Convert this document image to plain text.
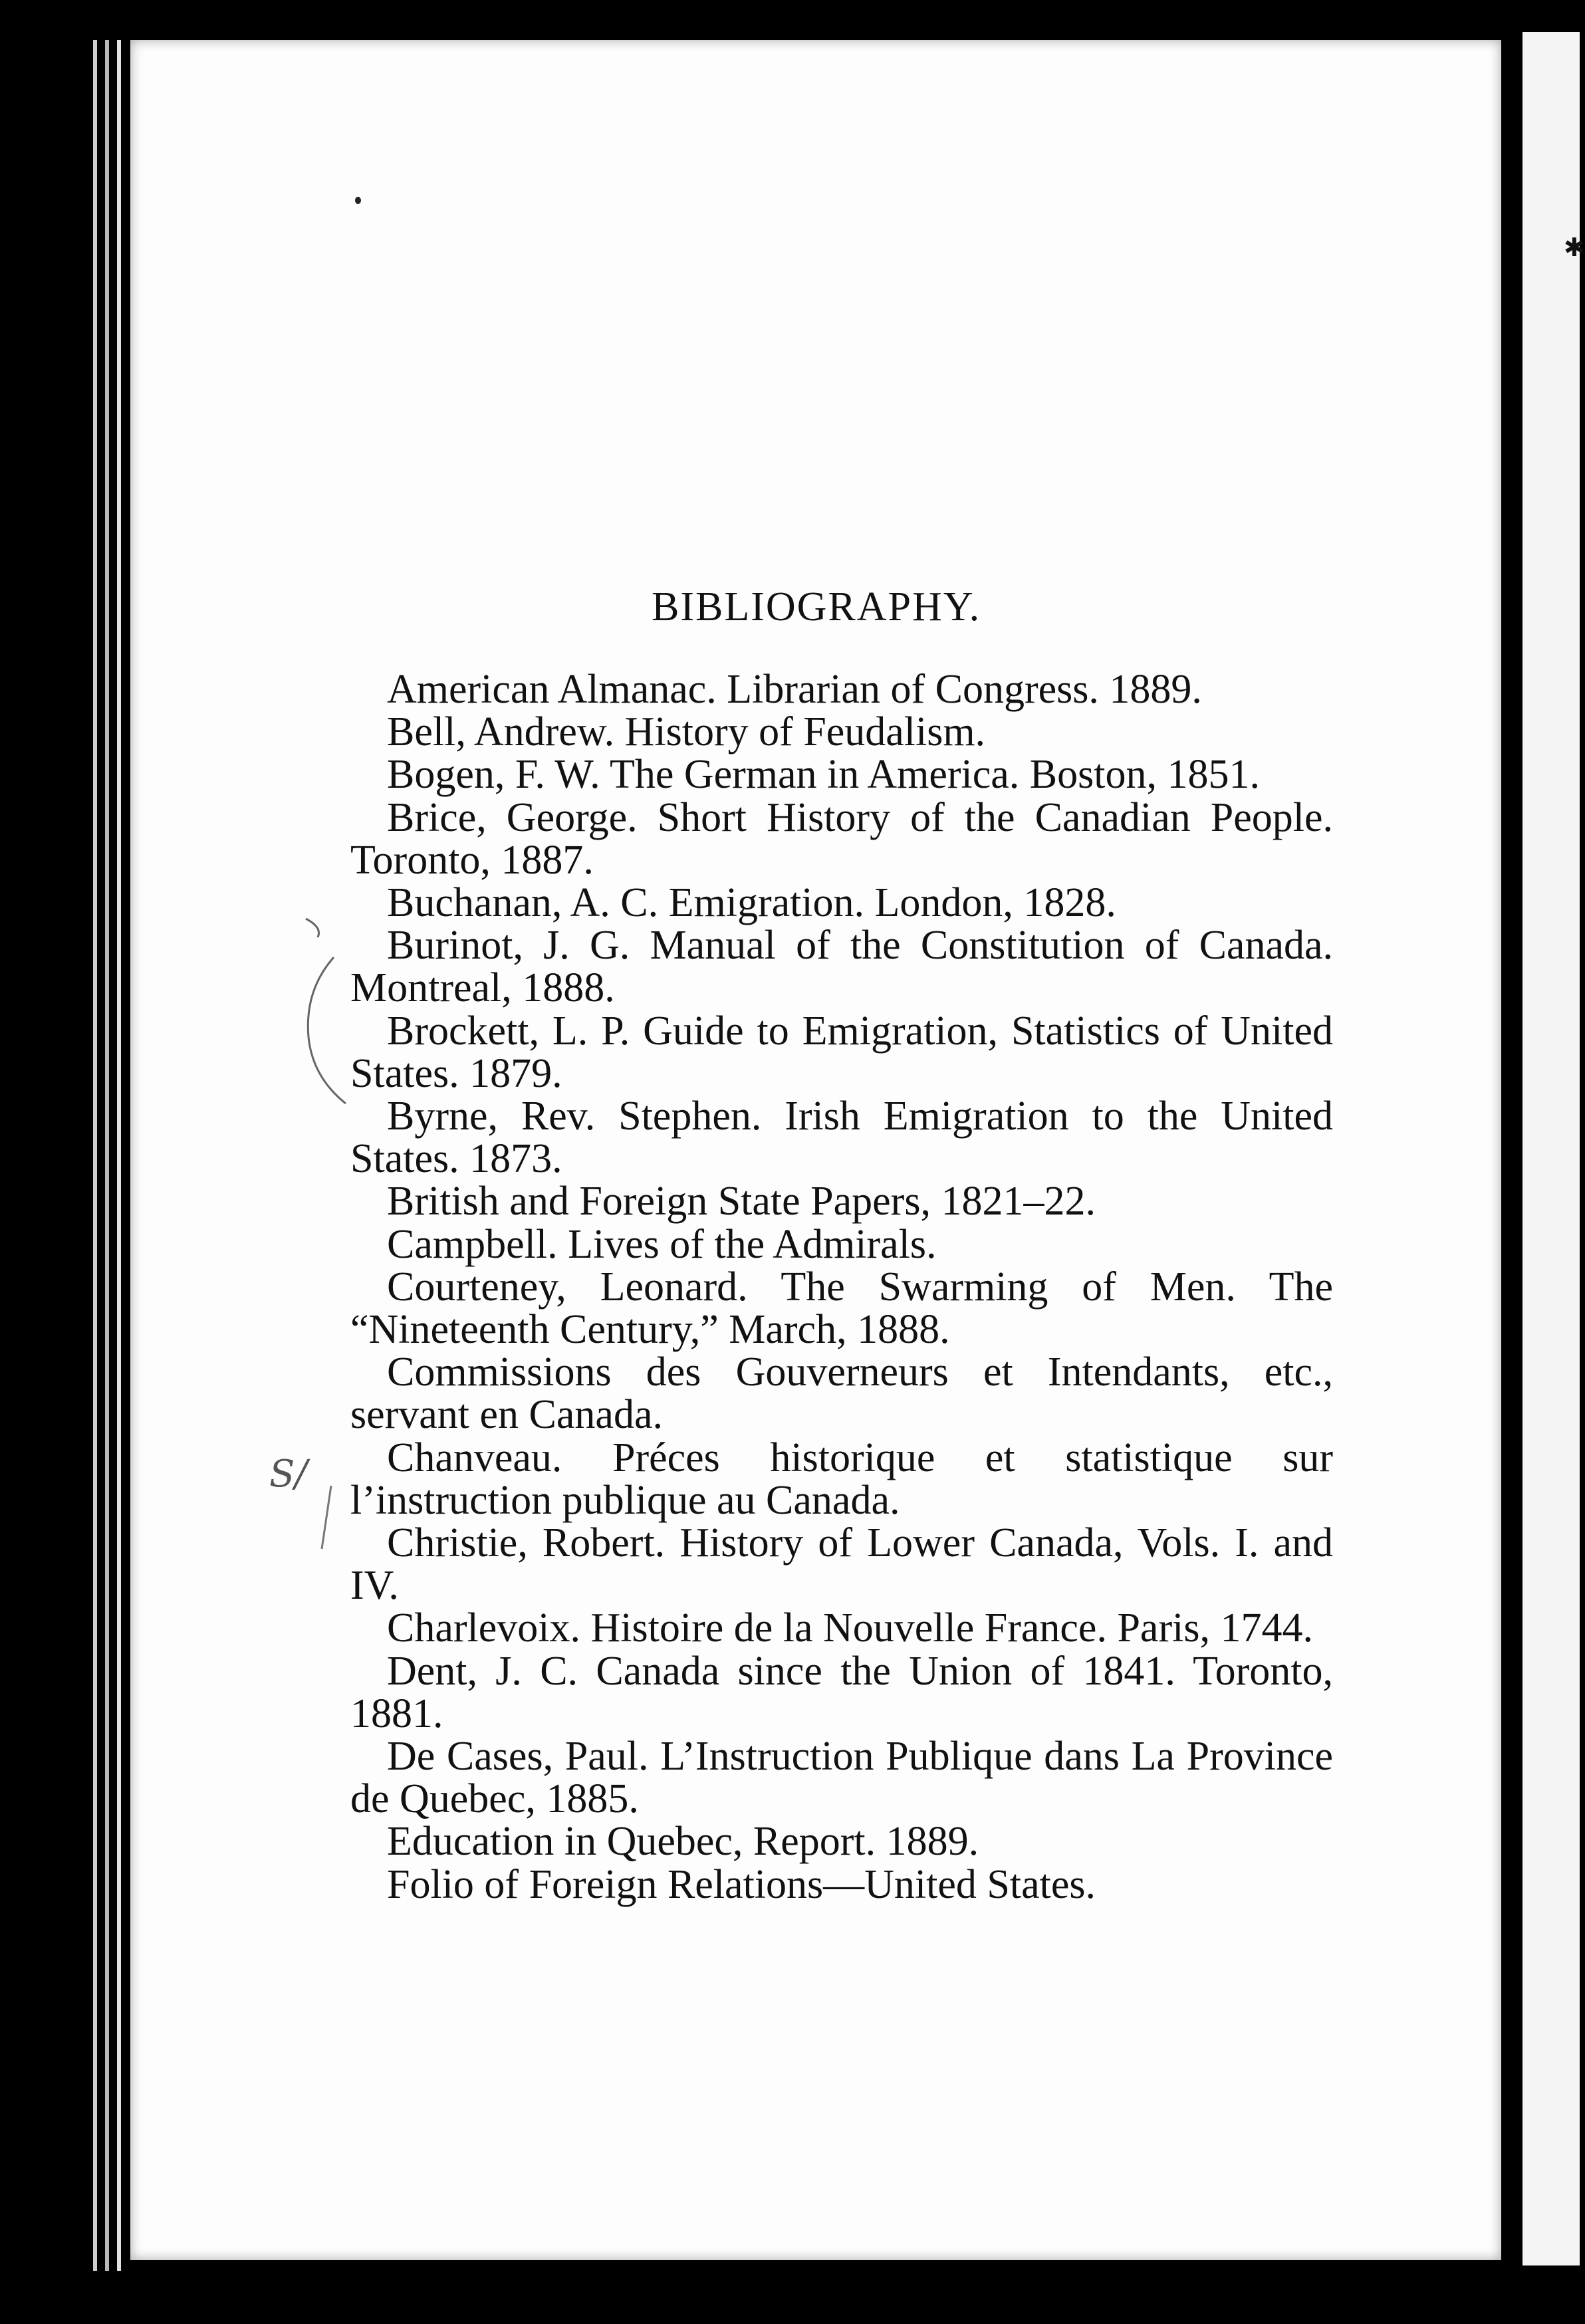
✱
BIBLIOGRAPHY.
American Almanac. Librarian of Congress. 1889.
Bell, Andrew. History of Feudalism.
Bogen, F. W. The German in America. Boston, 1851.
Brice, George. Short History of the Canadian People. Toronto, 1887.
Buchanan, A. C. Emigration. London, 1828.
Burinot, J. G. Manual of the Constitution of Canada. Montreal, 1888.
Brockett, L. P. Guide to Emigration, Statistics of United States. 1879.
Byrne, Rev. Stephen. Irish Emigration to the United States. 1873.
British and Foreign State Papers, 1821–22.
Campbell. Lives of the Admirals.
Courteney, Leonard. The Swarming of Men. The “Nineteenth Century,” March, 1888.
Commissions des Gouverneurs et Intendants, etc., servant en Canada.
Chanveau. Préces historique et statistique sur l’instruction publique au Canada.
Christie, Robert. History of Lower Canada, Vols. I. and IV.
Charlevoix. Histoire de la Nouvelle France. Paris, 1744.
Dent, J. C. Canada since the Union of 1841. Toronto, 1881.
De Cases, Paul. L’Instruction Publique dans La Province de Quebec, 1885.
Education in Quebec, Report. 1889.
Folio of Foreign Relations—United States.
S/
